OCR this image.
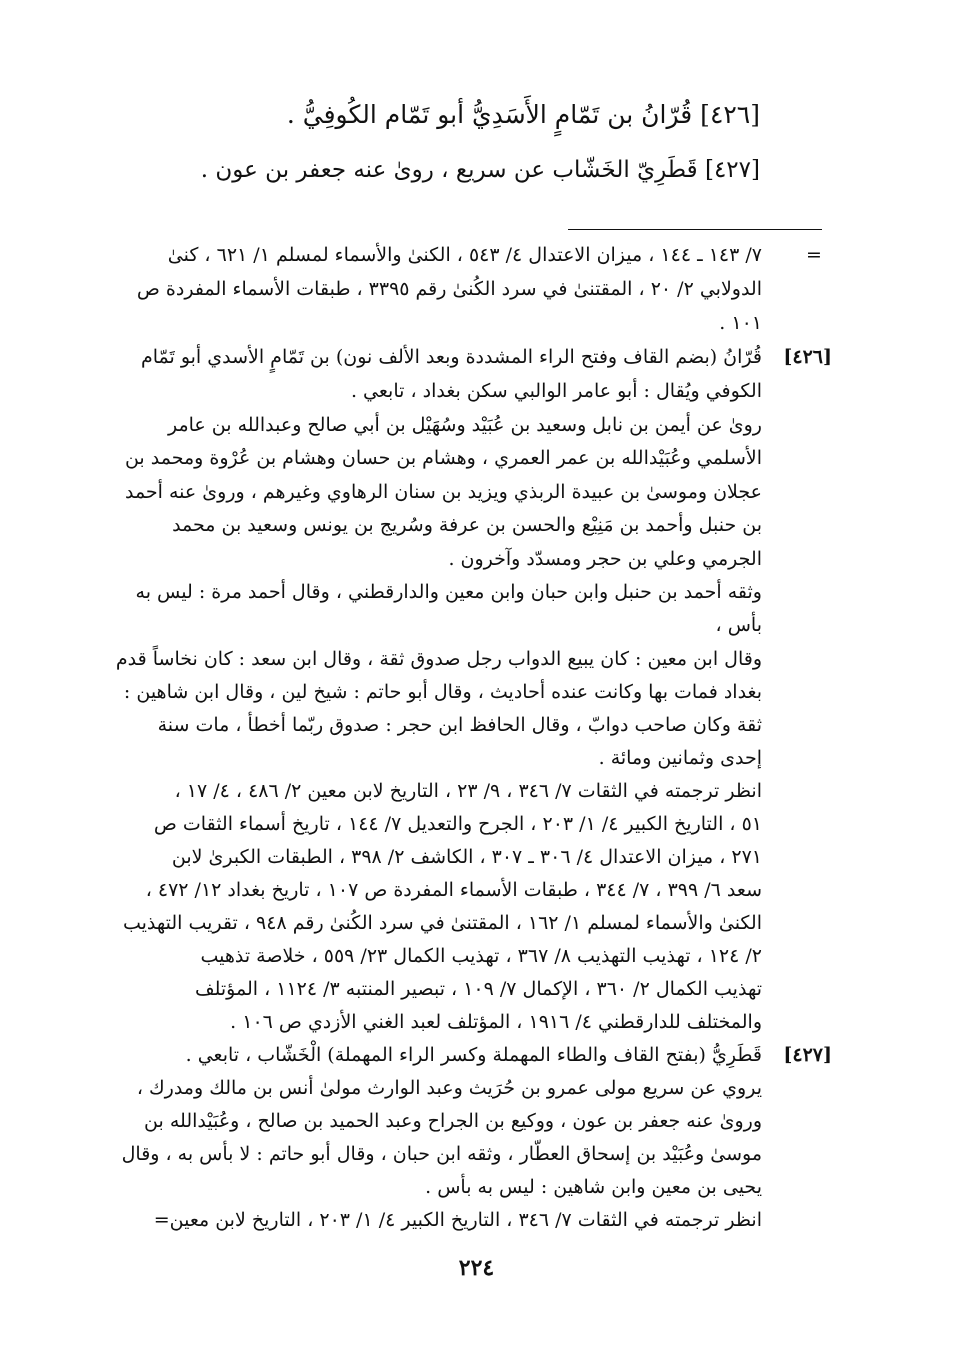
[٤٢٦] قُرّانُ بن تَمّامٍ الأَسَدِيُّ أبو تَمّام الكُوفِيُّ .
[٤٢٧] قَطَرِيّ الخَشّاب عن سريع ، روىٰ عنه جعفر بن عون .
=
٧/ ١٤٣ ـ ١٤٤ ، ميزان الاعتدال ٤/ ٥٤٣ ، الكنىٰ والأسماء لمسلم ١/ ٦٢١ ، كنىٰ
الدولابي ٢/ ٢٠ ، المقتنىٰ في سرد الكُنىٰ رقم ٣٣٩٥ ، طبقات الأسماء المفردة ص
١٠١ .
[٤٢٦]
قُرّانُ (بضم القاف وفتح الراء المشددة وبعد الألف نون) بن تَمّامٍ الأسدي أبو تَمّام
الكوفي ويُقال : أبو عامر الوالبي سكن بغداد ، تابعي .
روىٰ عن أيمن بن نابل وسعيد بن عُبَيْد وسُهَيْل بن أبي صالح وعبدالله بن عامر
الأسلمي وعُبَيْدالله بن عمر العمري ، وهشام بن حسان وهشام بن عُرْوة ومحمد بن
عجلان وموسىٰ بن عبيدة الربذي ويزيد بن سنان الرهاوي وغيرهم ، وروىٰ عنه أحمد
بن حنبل وأحمد بن مَنِيْع والحسن بن عرفة وسُريج بن يونس وسعيد بن محمد
الجرمي وعلي بن حجر ومسدّد وآخرون .
وثقه أحمد بن حنبل وابن حبان وابن معين والدارقطني ، وقال أحمد مرة : ليس به
بأس ،
وقال ابن معين : كان يبيع الدواب رجل صدوق ثقة ، وقال ابن سعد : كان نخاساً قدم
بغداد فمات بها وكانت عنده أحاديث ، وقال أبو حاتم : شيخ لين ، وقال ابن شاهين :
ثقة وكان صاحب دوابّ ، وقال الحافظ ابن حجر : صدوق ربّما أخطأ ، مات سنة
إحدى وثمانين ومائة .
انظر ترجمته في الثقات ٧/ ٣٤٦ ، ٩/ ٢٣ ، التاريخ لابن معين ٢/ ٤٨٦ ، ٤/ ١٧ ،
٥١ ، التاريخ الكبير ٤/ ١/ ٢٠٣ ، الجرح والتعديل ٧/ ١٤٤ ، تاريخ أسماء الثقات ص
٢٧١ ، ميزان الاعتدال ٤/ ٣٠٦ ـ ٣٠٧ ، الكاشف ٢/ ٣٩٨ ، الطبقات الكبرىٰ لابن
سعد ٦/ ٣٩٩ ، ٧/ ٣٤٤ ، طبقات الأسماء المفردة ص ١٠٧ ، تاريخ بغداد ١٢/ ٤٧٢ ،
الكنىٰ والأسماء لمسلم ١/ ١٦٢ ، المقتنىٰ في سرد الكُنىٰ رقم ٩٤٨ ، تقريب التهذيب
٢/ ١٢٤ ، تهذيب التهذيب ٨/ ٣٦٧ ، تهذيب الكمال ٢٣/ ٥٥٩ ، خلاصة تذهيب
تهذيب الكمال ٢/ ٣٦٠ ، الإكمال ٧/ ١٠٩ ، تبصير المنتبه ٣/ ١١٢٤ ، المؤتلف
والمختلف للدارقطني ٤/ ١٩١٦ ، المؤتلف لعبد الغني الأزدي ص ١٠٦ .
[٤٢٧]
قَطَرِيُّ (بفتح القاف والطاء المهملة وكسر الراء المهملة) الْخَشّاب ، تابعي .
يروي عن سريع مولى عمرو بن حُرَيث وعبد الوارث مولىٰ أنس بن مالك ومدرك ،
وروىٰ عنه جعفر بن عون ، ووكيع بن الجراح وعبد الحميد بن صالح ، وعُبَيْدالله بن
موسىٰ وعُبَيْد بن إسحاق العطّار ، وثقه ابن حبان ، وقال أبو حاتم : لا بأس به ، وقال
يحيى بن معين وابن شاهين : ليس به بأس .
انظر ترجمته في الثقات ٧/ ٣٤٦ ، التاريخ الكبير ٤/ ١/ ٢٠٣ ، التاريخ لابن معين=
٢٢٤
